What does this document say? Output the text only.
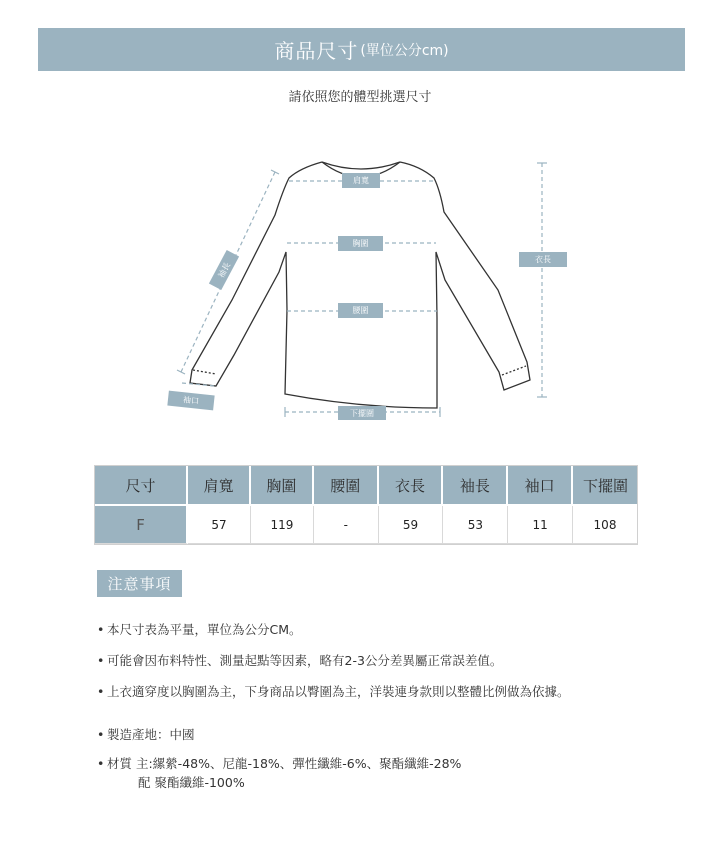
商品尺寸 (單位公分cm)
請依照您的體型挑選尺寸
肩寬
胸圍
腰圍
下擺圍
衣長
袖長
袖口
尺寸	肩寬	胸圍	腰圍	衣長	袖長	袖口	下擺圍
F	57	119	-	59	53	11	108
注意事項
• 本尺寸表為平量，單位為公分CM。
• 可能會因布料特性、測量起點等因素，略有2-3公分差異屬正常誤差值。
• 上衣適穿度以胸圍為主，下身商品以臀圍為主，洋裝連身款則以整體比例做為依據。
• 製造產地：中國
• 材質 主:縲縈-48%、尼龍-18%、彈性纖維-6%、聚酯纖維-28%
配 聚酯纖維-100%
